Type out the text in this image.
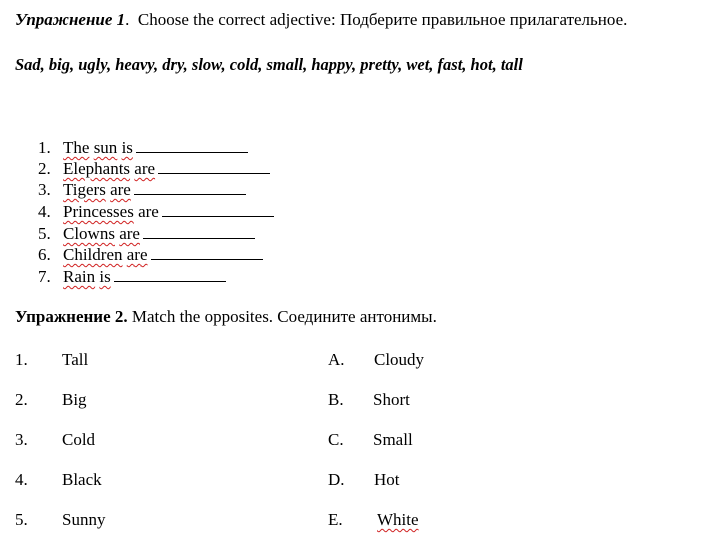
Упражнение 1.  Choose the correct adjective: Подберите правильное прилагательное.
Sad, big, ugly, heavy, dry, slow, cold, small, happy, pretty, wet, fast, hot, tall
1. The sun is
2. Elephants are
3. Tigers are
4. Princesses are
5. Clowns are
6. Children are
7. Rain is
Упражнение 2. Match the opposites. Соедините антонимы.
1. Tall
2. Big
3. Cold
4. Black
5. Sunny
A. Cloudy
B. Short
C. Small
D. Hot
E. White
